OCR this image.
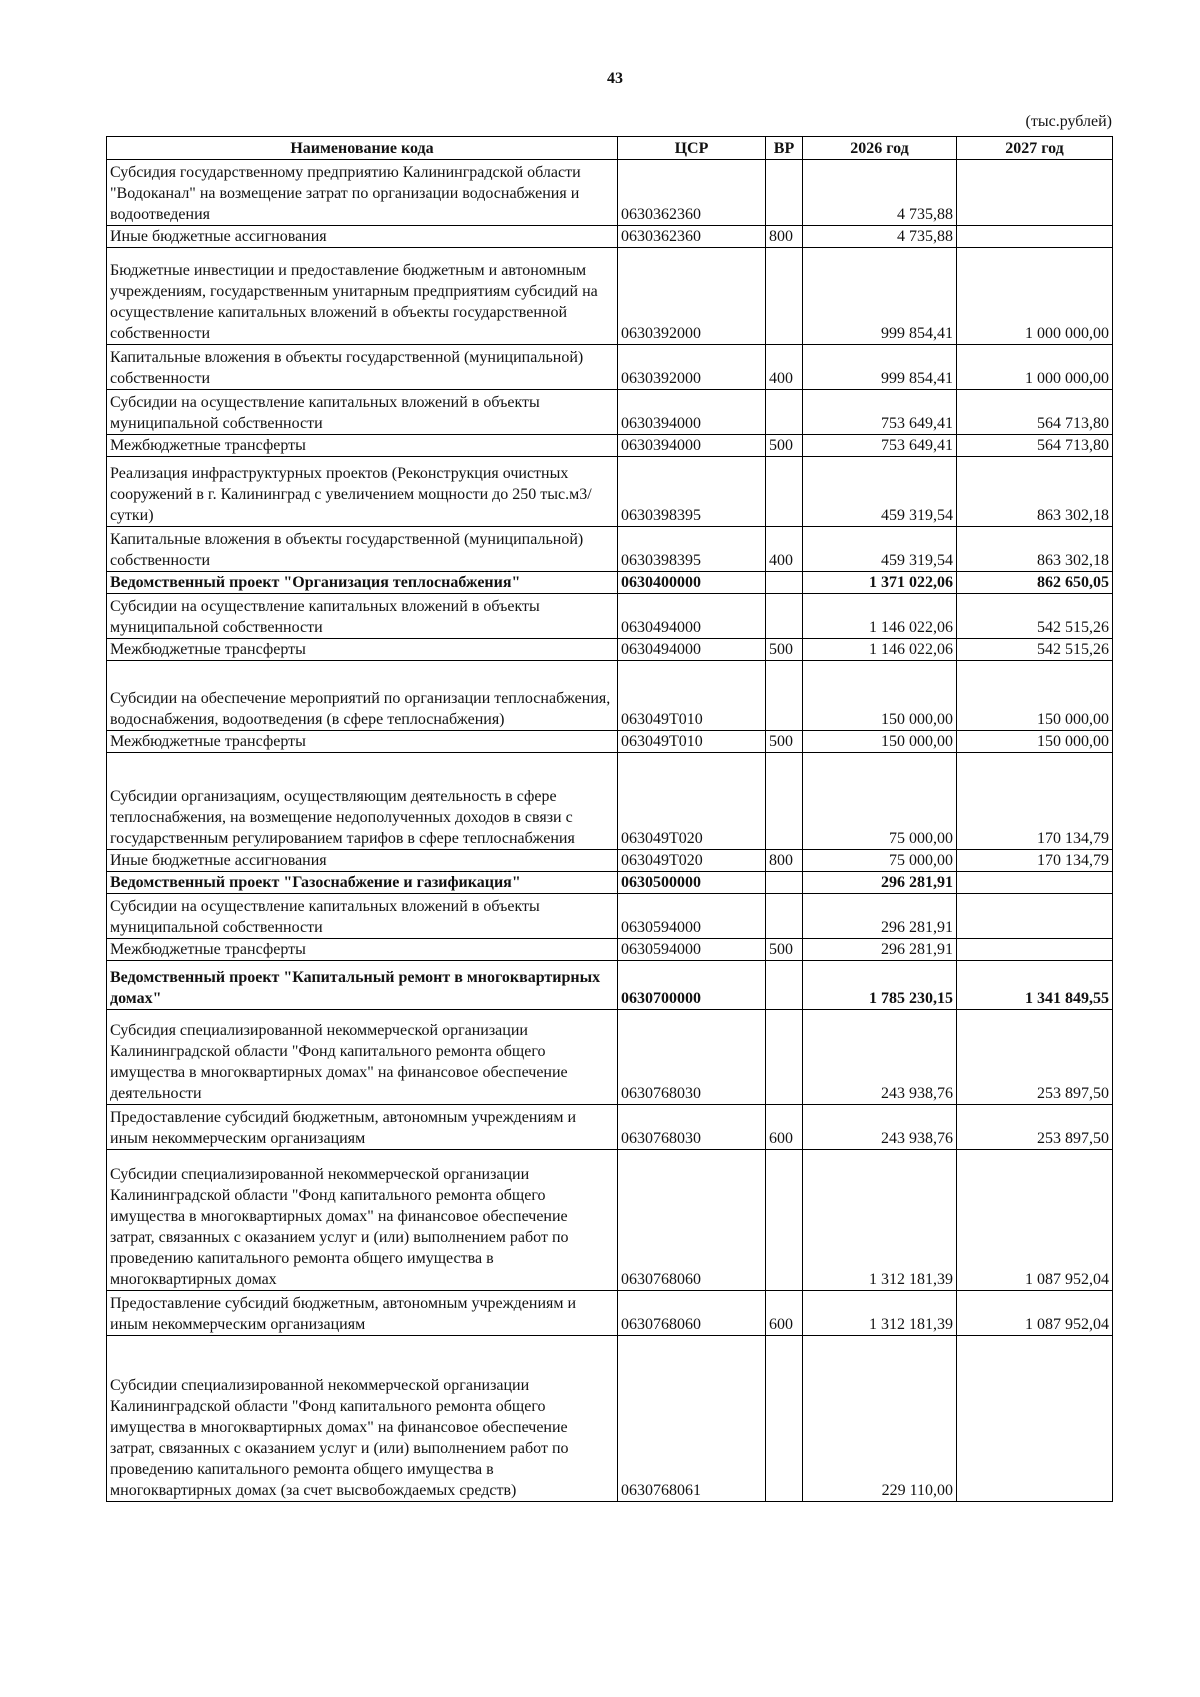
43
(тыс.рублей)
Наименование кода	ЦСР	ВР	2026 год	2027 год
Субсидия государственному предприятию Калининградской области "Водоканал" на возмещение затрат по организации водоснабжения и водоотведения	0630362360		4 735,88	
Иные бюджетные ассигнования	0630362360	800	4 735,88	
Бюджетные инвестиции и предоставление бюджетным и автономным учреждениям, государственным унитарным предприятиям субсидий на осуществление капитальных вложений в объекты государственной собственности	0630392000		999 854,41	1 000 000,00
Капитальные вложения в объекты государственной (муниципальной) собственности	0630392000	400	999 854,41	1 000 000,00
Субсидии на осуществление капитальных вложений в объекты муниципальной собственности	0630394000		753 649,41	564 713,80
Межбюджетные трансферты	0630394000	500	753 649,41	564 713,80
Реализация инфраструктурных проектов (Реконструкция очистных сооружений в г. Калининград с увеличением мощности до 250 тыс.м3/сутки)	0630398395		459 319,54	863 302,18
Капитальные вложения в объекты государственной (муниципальной) собственности	0630398395	400	459 319,54	863 302,18
Ведомственный проект "Организация теплоснабжения"	0630400000		1 371 022,06	862 650,05
Субсидии на осуществление капитальных вложений в объекты муниципальной собственности	0630494000		1 146 022,06	542 515,26
Межбюджетные трансферты	0630494000	500	1 146 022,06	542 515,26
Субсидии на обеспечение мероприятий по организации теплоснабжения, водоснабжения, водоотведения (в сфере теплоснабжения)	063049Т010		150 000,00	150 000,00
Межбюджетные трансферты	063049Т010	500	150 000,00	150 000,00
Субсидии организациям, осуществляющим деятельность в сфере теплоснабжения, на возмещение недополученных доходов в связи с государственным регулированием тарифов в сфере теплоснабжения	063049Т020		75 000,00	170 134,79
Иные бюджетные ассигнования	063049Т020	800	75 000,00	170 134,79
Ведомственный проект "Газоснабжение и газификация"	0630500000		296 281,91	
Субсидии на осуществление капитальных вложений в объекты муниципальной собственности	0630594000		296 281,91	
Межбюджетные трансферты	0630594000	500	296 281,91	
Ведомственный проект "Капитальный ремонт в многоквартирных домах"	0630700000		1 785 230,15	1 341 849,55
Субсидия специализированной некоммерческой организации Калининградской области "Фонд капитального ремонта общего имущества в многоквартирных домах" на финансовое обеспечение деятельности	0630768030		243 938,76	253 897,50
Предоставление субсидий бюджетным, автономным учреждениям и иным некоммерческим организациям	0630768030	600	243 938,76	253 897,50
Субсидии специализированной некоммерческой организации Калининградской области "Фонд капитального ремонта общего имущества в многоквартирных домах" на финансовое обеспечение затрат, связанных с оказанием услуг и (или) выполнением работ по проведению капитального ремонта общего имущества в многоквартирных домах	0630768060		1 312 181,39	1 087 952,04
Предоставление субсидий бюджетным, автономным учреждениям и иным некоммерческим организациям	0630768060	600	1 312 181,39	1 087 952,04
Субсидии специализированной некоммерческой организации Калининградской области "Фонд капитального ремонта общего имущества в многоквартирных домах" на финансовое обеспечение затрат, связанных с оказанием услуг и (или) выполнением работ по проведению капитального ремонта общего имущества в многоквартирных домах (за счет высвобождаемых средств)	0630768061		229 110,00	
